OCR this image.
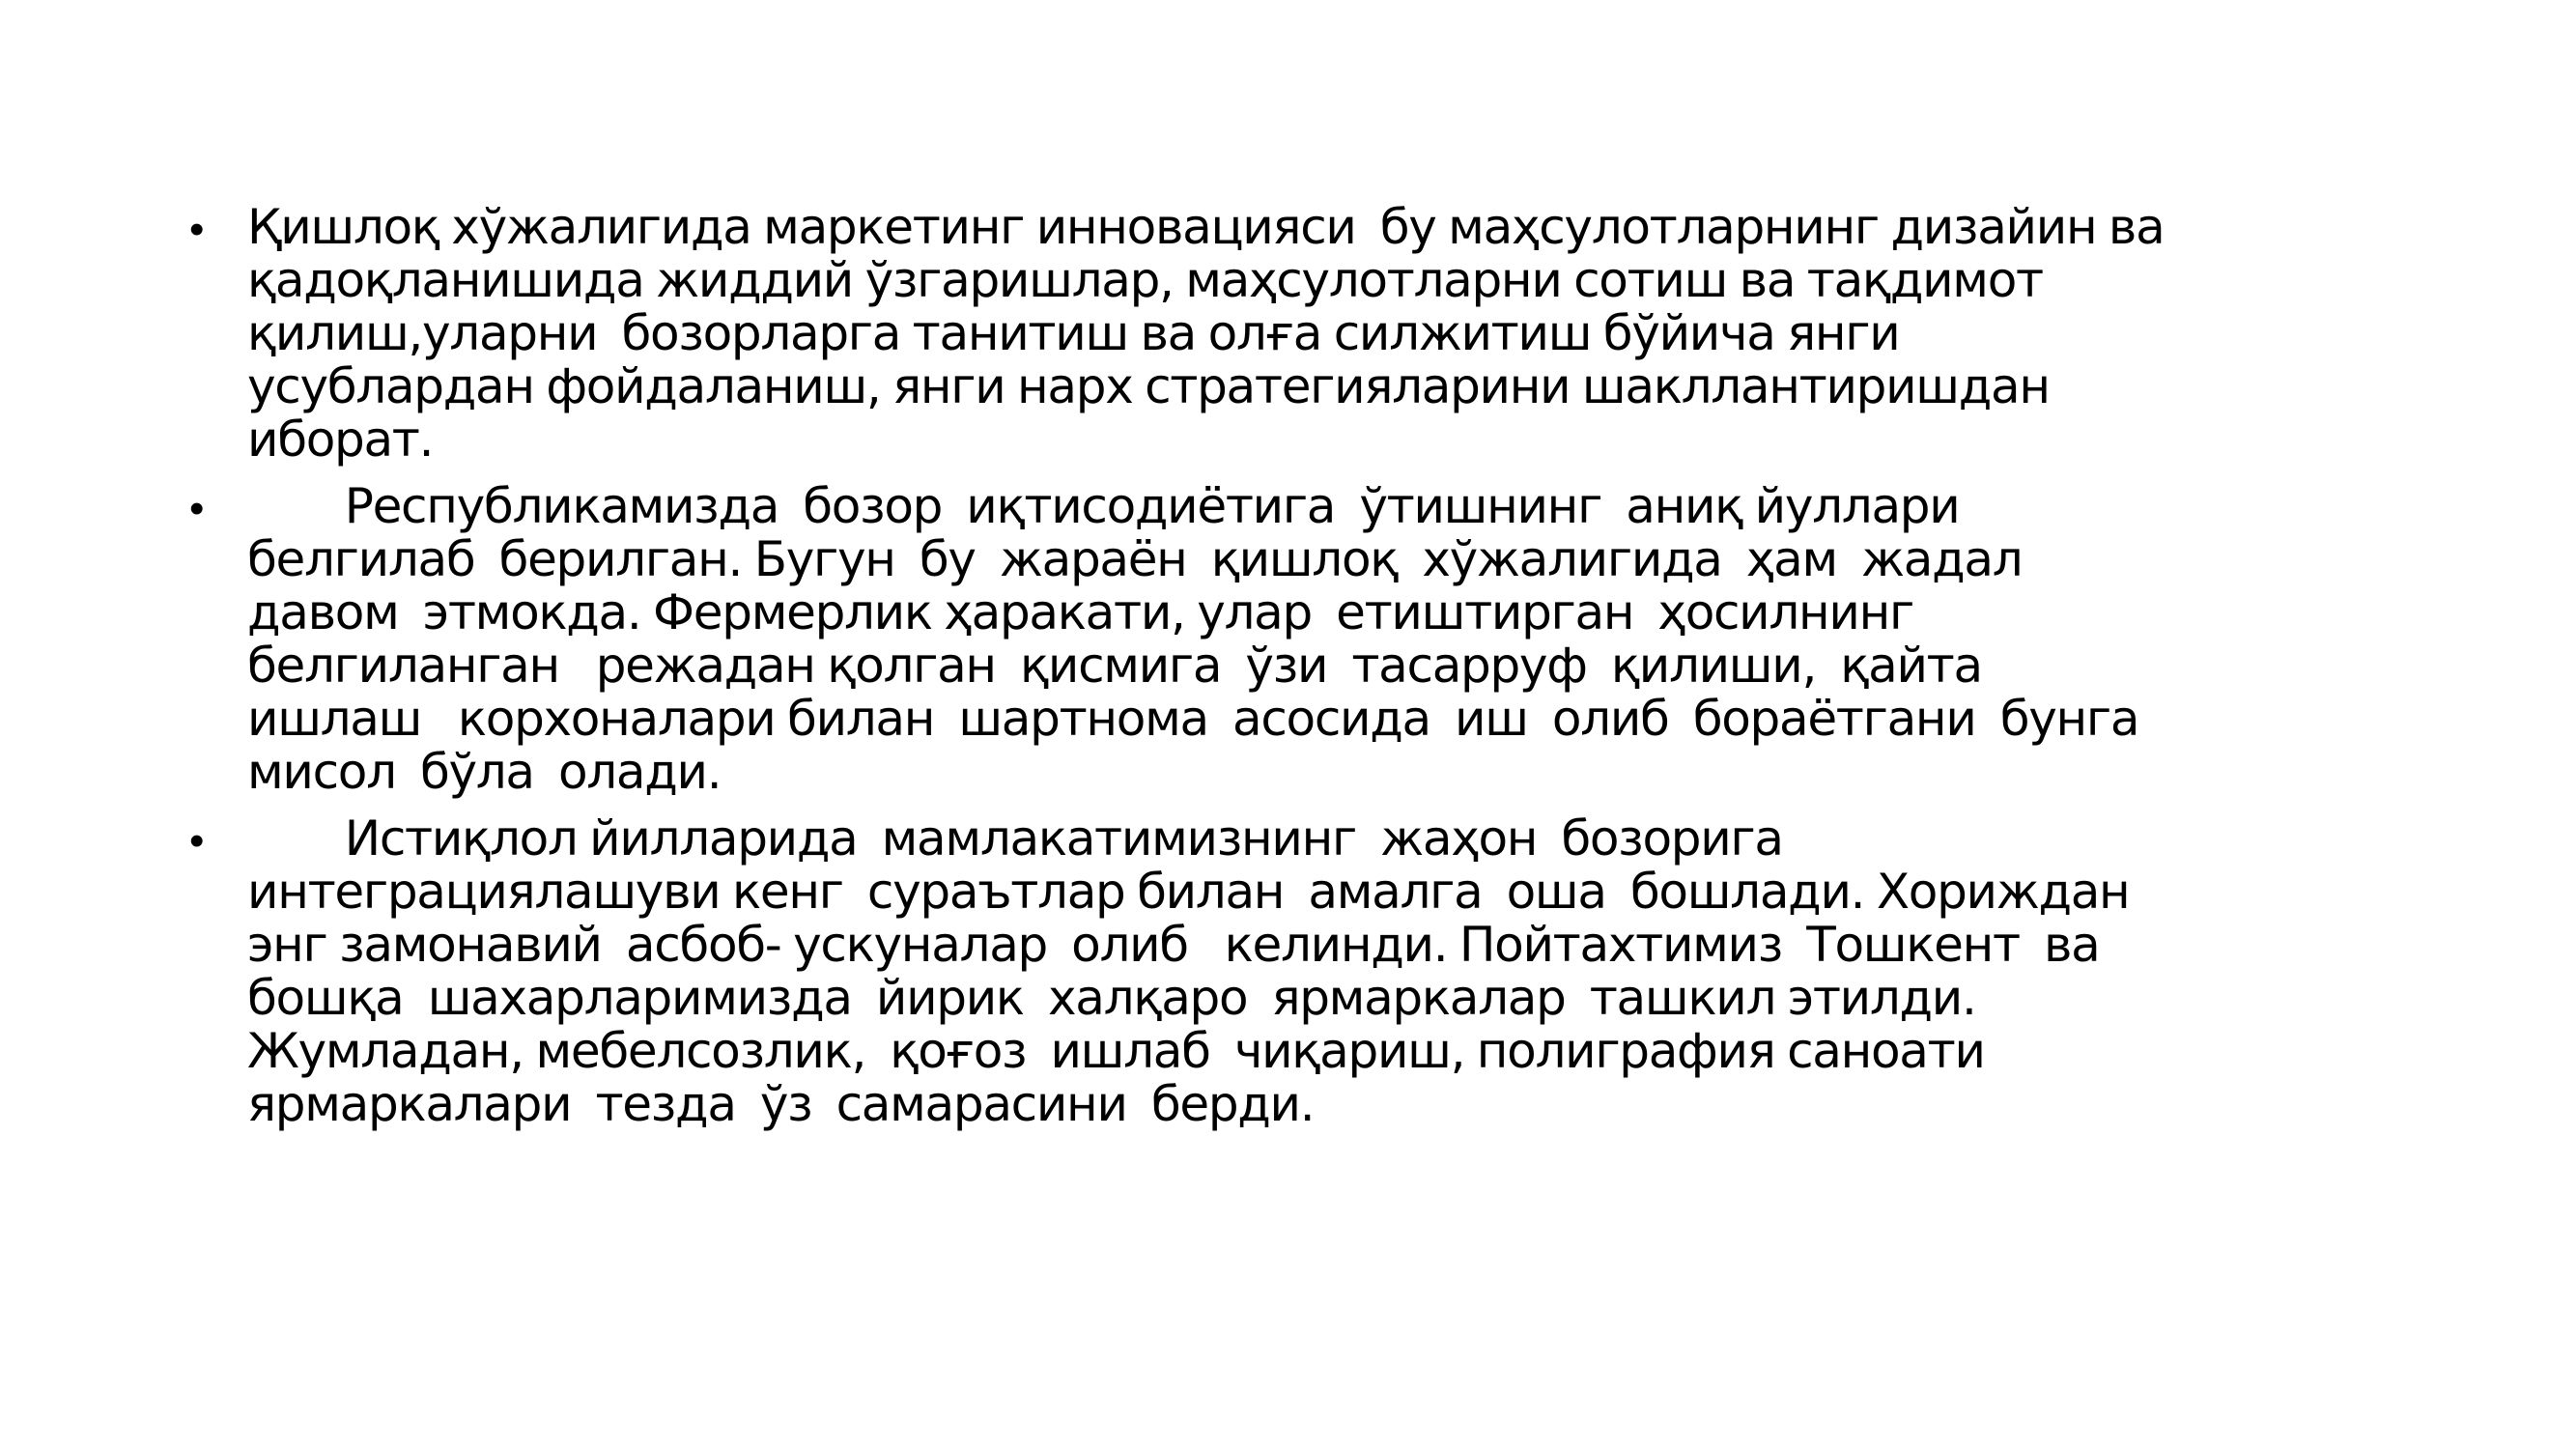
• Қишлоқ хўжалигида маркетинг инновацияси  бу маҳсулотларнинг дизайин ва
қадоқланишида жиддий ўзгаришлар, маҳсулотларни сотиш ва тақдимот
қилиш,уларни  бозорларга танитиш ва олға силжитиш бўйича янги
усублардан фойдаланиш, янги нарх стратегияларини шакллантиришдан
иборат.
• Республикамизда  бозор  иқтисодиётига  ўтишнинг  аниқ йуллари
белгилаб  берилган. Бугун  бу  жараён  қишлоқ  хўжалигида  ҳам  жадал
давом  этмокда. Фермерлик ҳаракати, улар  етиштирган  ҳосилнинг
белгиланган   режадан қолган  қисмига  ўзи  тасарруф  қилиши,  қайта
ишлаш   корхоналари билан  шартнома  асосида  иш  олиб  бораётгани  бунга
мисол  бўла  олади.
• Истиқлол йилларида  мамлакатимизнинг  жаҳон  бозорига
интеграциялашуви кенг  сураътлар билан  амалга  оша  бошлади. Хориждан
энг замонавий  асбоб- ускуналар  олиб   келинди. Пойтахтимиз  Тошкент  ва
бошқа  шахарларимизда  йирик  халқаро  ярмаркалар  ташкил этилди.
Жумладан, мебелсозлик,  қоғоз  ишлаб  чиқариш, полиграфия саноати
ярмаркалари  тезда  ўз  самарасини  берди.
